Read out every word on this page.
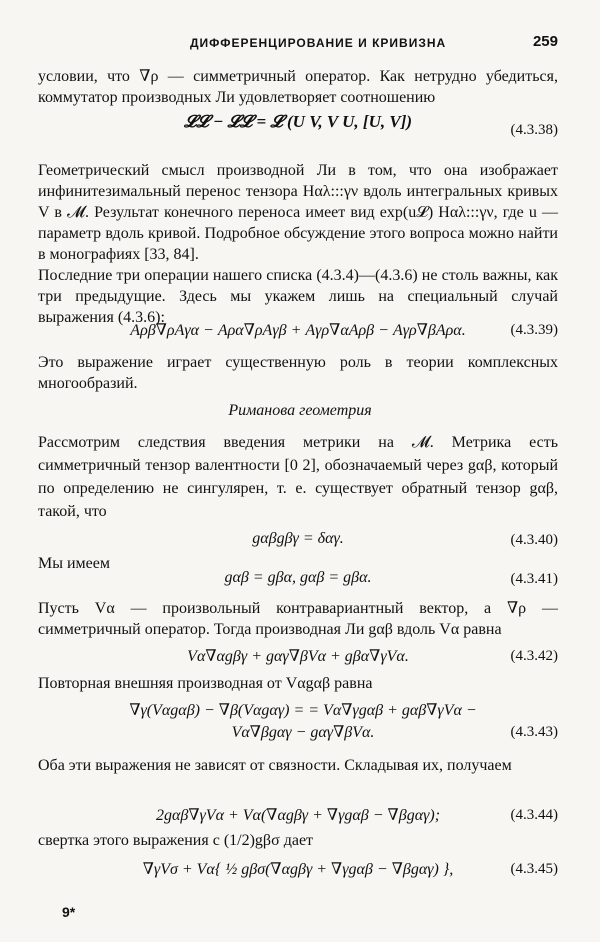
ДИФФЕРЕНЦИРОВАНИЕ И КРИВИЗНА	259
условии, что ∇ρ — симметричный оператор. Как нетрудно убедиться, коммутатор производных Ли удовлетворяет соотношению
𝓛𝓛 − 𝓛𝓛 = 𝓛 (U V, V U, [U, V])	(4.3.38)
Геометрический смысл производной Ли в том, что она изображает инфинитезимальный перенос тензора Hαλ:::γν вдоль интегральных кривых V в 𝓜. Результат конечного переноса имеет вид exp(u𝓛) Hαλ:::γν, где u — параметр вдоль кривой. Подробное обсуждение этого вопроса можно найти в монографиях [33, 84].
Последние три операции нашего списка (4.3.4)—(4.3.6) не столь важны, как три предыдущие. Здесь мы укажем лишь на специальный случай выражения (4.3.6):
Aρβ∇ρAγα − Aρα∇ρAγβ + Aγρ∇αAρβ − Aγρ∇βAρα.	(4.3.39)
Это выражение играет существенную роль в теории комплексных многообразий.
Риманова геометрия
Рассмотрим следствия введения метрики на 𝓜. Метрика есть симметричный тензор валентности [0 2], обозначаемый через gαβ, который по определению не сингулярен, т. е. существует обратный тензор gαβ, такой, что
gαβgβγ = δαγ.	(4.3.40)
Мы имеем
gαβ = gβα, gαβ = gβα.	(4.3.41)
Пусть Vα — произвольный контравариантный вектор, а ∇ρ — симметричный оператор. Тогда производная Ли gαβ вдоль Vα равна
Vα∇αgβγ + gαγ∇βVα + gβα∇γVα.	(4.3.42)
Повторная внешняя производная от Vαgαβ равна
∇γ(Vαgαβ) − ∇β(Vαgαγ) = = Vα∇γgαβ + gαβ∇γVα − Vα∇βgαγ − gαγ∇βVα.	(4.3.43)
Оба эти выражения не зависят от связности. Складывая их, получаем
2gαβ∇γVα + Vα(∇αgβγ + ∇γgαβ − ∇βgαγ);	(4.3.44)
свертка этого выражения с (1/2)gβσ дает
∇γVσ + Vα{ ½ gβσ(∇αgβγ + ∇γgαβ − ∇βgαγ) },	(4.3.45)
9*
